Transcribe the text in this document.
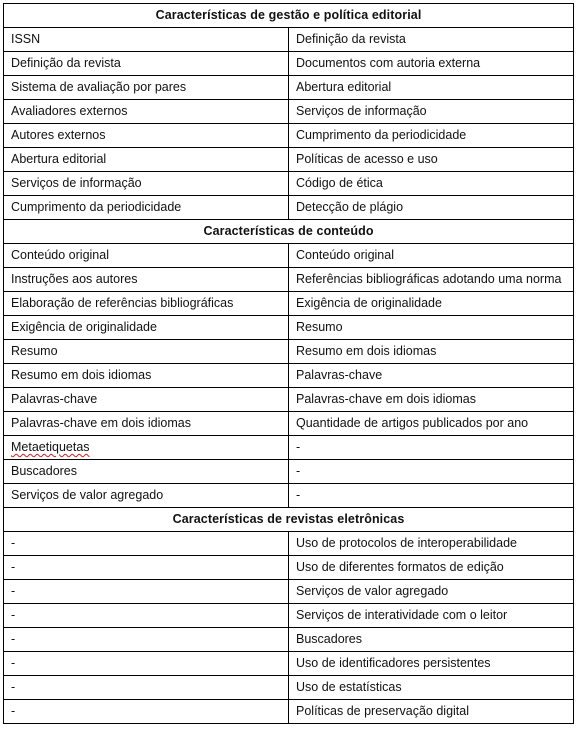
Características de gestão e política editorial	
ISSN	Definição da revista
Definição da revista	Documentos com autoria externa
Sistema de avaliação por pares	Abertura editorial
Avaliadores externos	Serviços de informação
Autores externos	Cumprimento da periodicidade
Abertura editorial	Políticas de acesso e uso
Serviços de informação	Código de ética
Cumprimento da periodicidade	Detecção de plágio
Características de conteúdo	
Conteúdo original	Conteúdo original
Instruções aos autores	Referências bibliográficas adotando uma norma
Elaboração de referências bibliográficas	Exigência de originalidade
Exigência de originalidade	Resumo
Resumo	Resumo em dois idiomas
Resumo em dois idiomas	Palavras-chave
Palavras-chave	Palavras-chave em dois idiomas
Palavras-chave em dois idiomas	Quantidade de artigos publicados por ano
Metaetiquetas	-
Buscadores	-
Serviços de valor agregado	-
Características de revistas eletrônicas	
-	Uso de protocolos de interoperabilidade
-	Uso de diferentes formatos de edição
-	Serviços de valor agregado
-	Serviços de interatividade com o leitor
-	Buscadores
-	Uso de identificadores persistentes
-	Uso de estatísticas
-	Políticas de preservação digital
